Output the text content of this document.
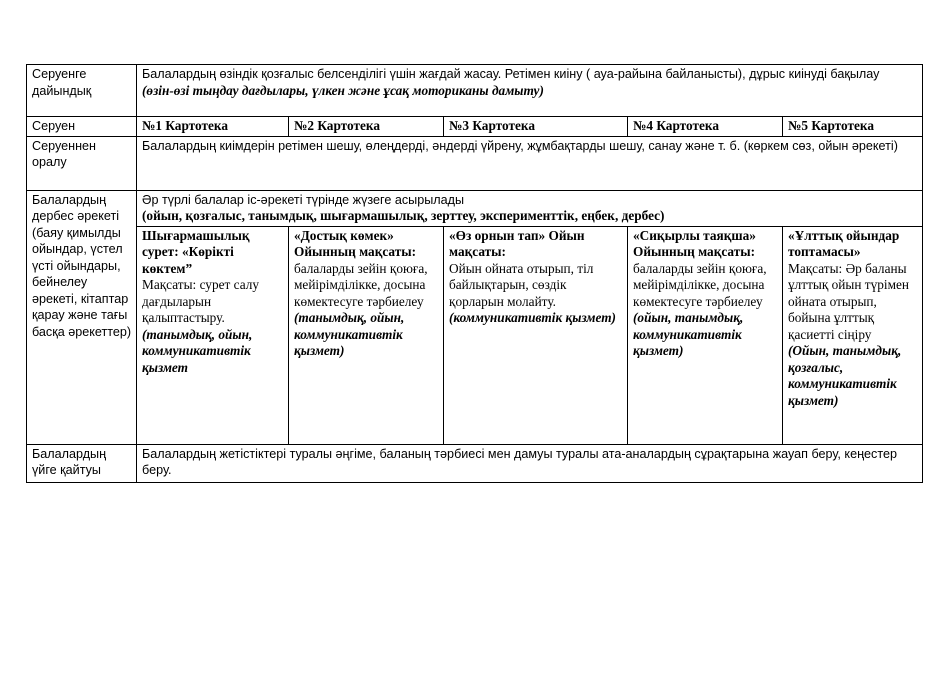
Серуенге дайындық	Балалардың өзіндік қозғалыс белсенділігі үшін жағдай жасау. Ретімен киіну ( ауа-райына байланысты), дұрыс киінуді бақылау
(өзін-өзі тыңдау дағдылары, үлкен және ұсақ моториканы дамыту)				

Серуен	№1 Картотека	№2 Картотека	№3 Картотека	№4 Картотека	№5 Картотека
Серуеннен оралу	Балалардың киімдерін ретімен шешу, өлеңдерді, әндерді үйрену, жұмбақтарды шешу, санау және т. б. (көркем сөз, ойын әрекеті)				
Балалардың дербес әрекеті (баяу қимылды ойындар, үстел үсті ойындары, бейнелеу әрекеті, кітаптар қарау және тағы басқа әрекеттер)	Әр түрлі балалар іс-әрекеті түрінде жүзеге асырылады
(ойын, қозғалыс, танымдық, шығармашылық, зерттеу, эксперименттік, еңбек, дербес)				

	Шығармашылық сурет: «Көрікті көктем”
Мақсаты: сурет салу дағдыларын қалыптастыру.
(танымдық, ойын, коммуникативтік қызмет	«Достық көмек» Ойынның мақсаты:
балаларды зейін қоюға, мейірімділікке, досына көмектесуге тәрбиелеу
(танымдық, ойын, коммуникативтік қызмет)	«Өз орнын тап» Ойын мақсаты:
Ойын ойната отырып, тіл байлықтарын, сөздік қорларын молайту.
(коммуникативтік қызмет)	«Сиқырлы таяқша» Ойынның мақсаты: балаларды зейін қоюға, мейірімділікке, досына көмектесуге тәрбиелеу
(ойын, танымдық, коммуникативтік қызмет)	«Ұлттық ойындар топтамасы»
Мақсаты: Әр баланы ұлттық ойын түрімен ойната отырып, бойына ұлттық қасиетті сіңіру
(Ойын, танымдық, қозғалыс, коммуникативтік қызмет)

Балалардың үйге қайтуы	Балалардың жетістіктері туралы әңгіме, баланың тәрбиесі мен дамуы туралы ата-аналардың сұрақтарына жауап беру, кеңестер беру.				
